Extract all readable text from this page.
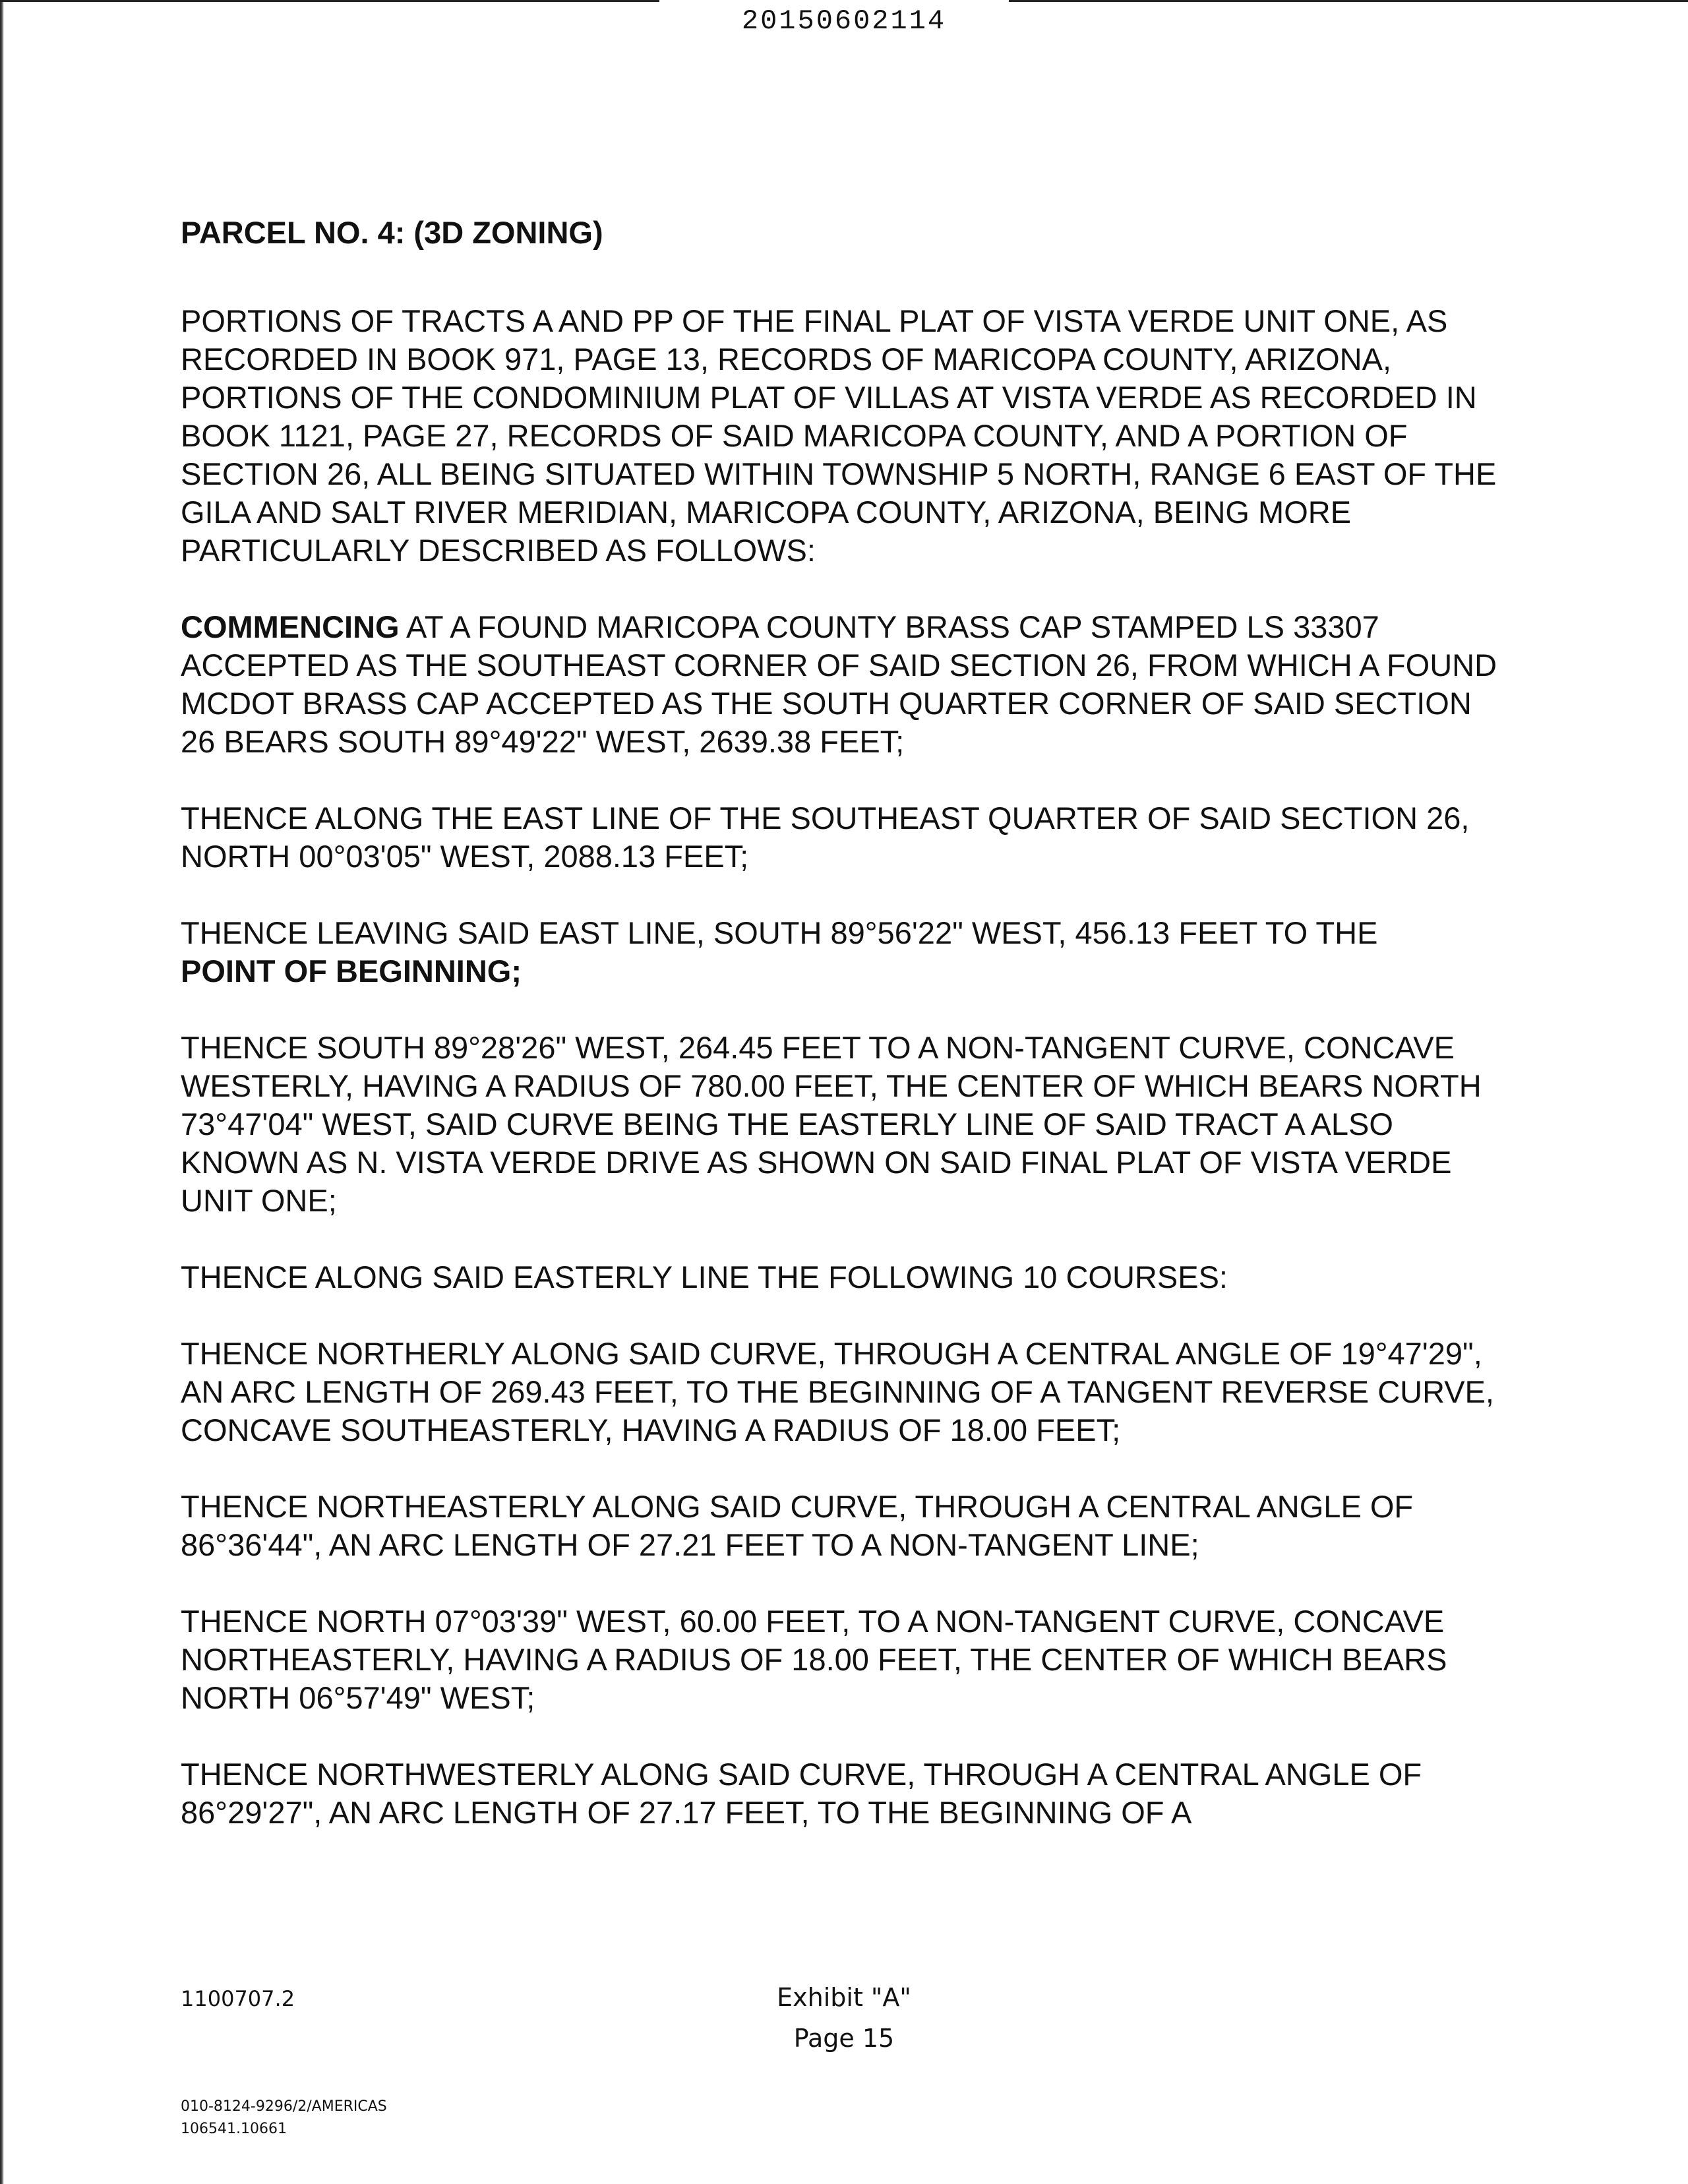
20150602114
PARCEL NO. 4: (3D ZONING)

PORTIONS OF TRACTS A AND PP OF THE FINAL PLAT OF VISTA VERDE UNIT ONE, AS RECORDED IN BOOK 971, PAGE 13, RECORDS OF MARICOPA COUNTY, ARIZONA, PORTIONS OF THE CONDOMINIUM PLAT OF VILLAS AT VISTA VERDE AS RECORDED IN BOOK 1121, PAGE 27, RECORDS OF SAID MARICOPA COUNTY, AND A PORTION OF SECTION 26, ALL BEING SITUATED WITHIN TOWNSHIP 5 NORTH, RANGE 6 EAST OF THE GILA AND SALT RIVER MERIDIAN, MARICOPA COUNTY, ARIZONA, BEING MORE PARTICULARLY DESCRIBED AS FOLLOWS:

COMMENCING AT A FOUND MARICOPA COUNTY BRASS CAP STAMPED LS 33307 ACCEPTED AS THE SOUTHEAST CORNER OF SAID SECTION 26, FROM WHICH A FOUND MCDOT BRASS CAP ACCEPTED AS THE SOUTH QUARTER CORNER OF SAID SECTION 26 BEARS SOUTH 89°49'22" WEST, 2639.38 FEET;

THENCE ALONG THE EAST LINE OF THE SOUTHEAST QUARTER OF SAID SECTION 26,
NORTH 00°03'05" WEST, 2088.13 FEET;

THENCE LEAVING SAID EAST LINE, SOUTH 89°56'22" WEST, 456.13 FEET TO THE
POINT OF BEGINNING;

THENCE SOUTH 89°28'26" WEST, 264.45 FEET TO A NON-TANGENT CURVE, CONCAVE WESTERLY, HAVING A RADIUS OF 780.00 FEET, THE CENTER OF WHICH BEARS NORTH 73°47'04" WEST, SAID CURVE BEING THE EASTERLY LINE OF SAID TRACT A ALSO KNOWN AS N. VISTA VERDE DRIVE AS SHOWN ON SAID FINAL PLAT OF VISTA VERDE UNIT ONE;

THENCE ALONG SAID EASTERLY LINE THE FOLLOWING 10 COURSES:

THENCE NORTHERLY ALONG SAID CURVE, THROUGH A CENTRAL ANGLE OF 19°47'29", AN ARC LENGTH OF 269.43 FEET, TO THE BEGINNING OF A TANGENT REVERSE CURVE, CONCAVE SOUTHEASTERLY, HAVING A RADIUS OF 18.00 FEET;

THENCE NORTHEASTERLY ALONG SAID CURVE, THROUGH A CENTRAL ANGLE OF 86°36'44", AN ARC LENGTH OF 27.21 FEET TO A NON-TANGENT LINE;

THENCE NORTH 07°03'39" WEST, 60.00 FEET, TO A NON-TANGENT CURVE, CONCAVE NORTHEASTERLY, HAVING A RADIUS OF 18.00 FEET, THE CENTER OF WHICH BEARS NORTH 06°57'49" WEST;

THENCE NORTHWESTERLY ALONG SAID CURVE, THROUGH A CENTRAL ANGLE OF 86°29'27", AN ARC LENGTH OF 27.17 FEET, TO THE BEGINNING OF A

1100707.2	Exhibit "A"
Page 15
010-8124-9296/2/AMERICAS
106541.10661
